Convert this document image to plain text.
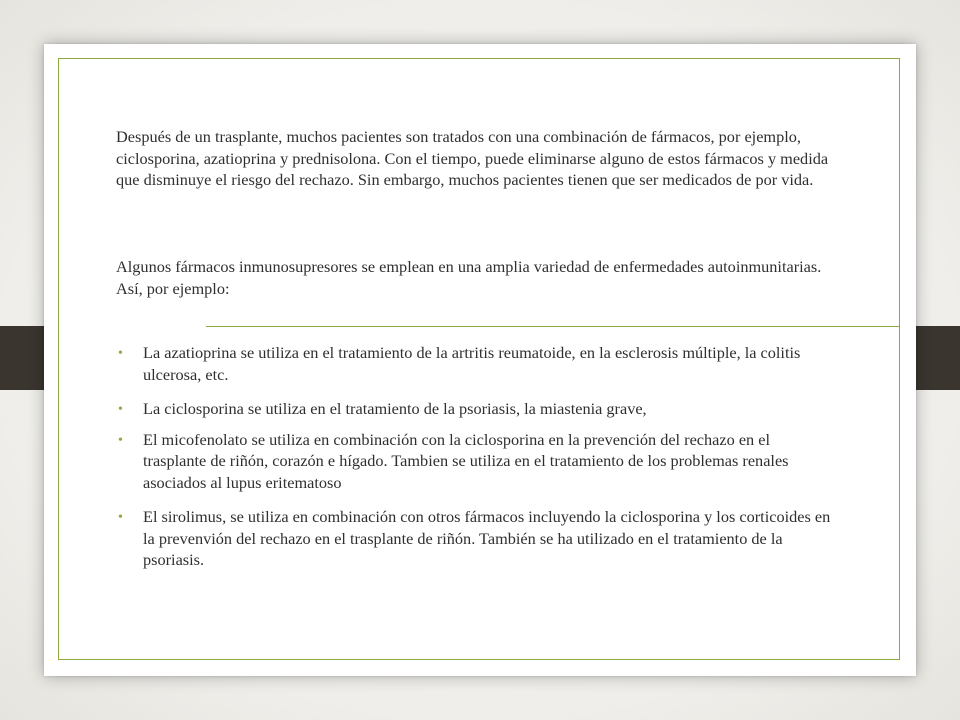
Después de un trasplante, muchos pacientes son tratados con una combinación de fármacos, por ejemplo, ciclosporina, azatioprina y prednisolona. Con el tiempo, puede eliminarse alguno de estos fármacos y medida que disminuye el riesgo del rechazo. Sin embargo, muchos pacientes tienen que ser medicados de por vida.

Algunos fármacos inmunosupresores se emplean en una amplia variedad de enfermedades autoinmunitarias. Así, por ejemplo:

• La azatioprina se utiliza en el tratamiento de la artritis reumatoide, en la esclerosis múltiple, la colitis ulcerosa, etc.
• La ciclosporina se utiliza en el tratamiento de la psoriasis, la miastenia grave,
• El micofenolato se utiliza en combinación con la ciclosporina en la prevención del rechazo en el trasplante de riñón, corazón e hígado. Tambien se utiliza en el tratamiento de los problemas renales asociados al lupus eritematoso
• El sirolimus, se utiliza en combinación con otros fármacos incluyendo la ciclosporina y los corticoides en la prevenvión del rechazo en el trasplante de riñón. También se ha utilizado en el tratamiento de la psoriasis.
